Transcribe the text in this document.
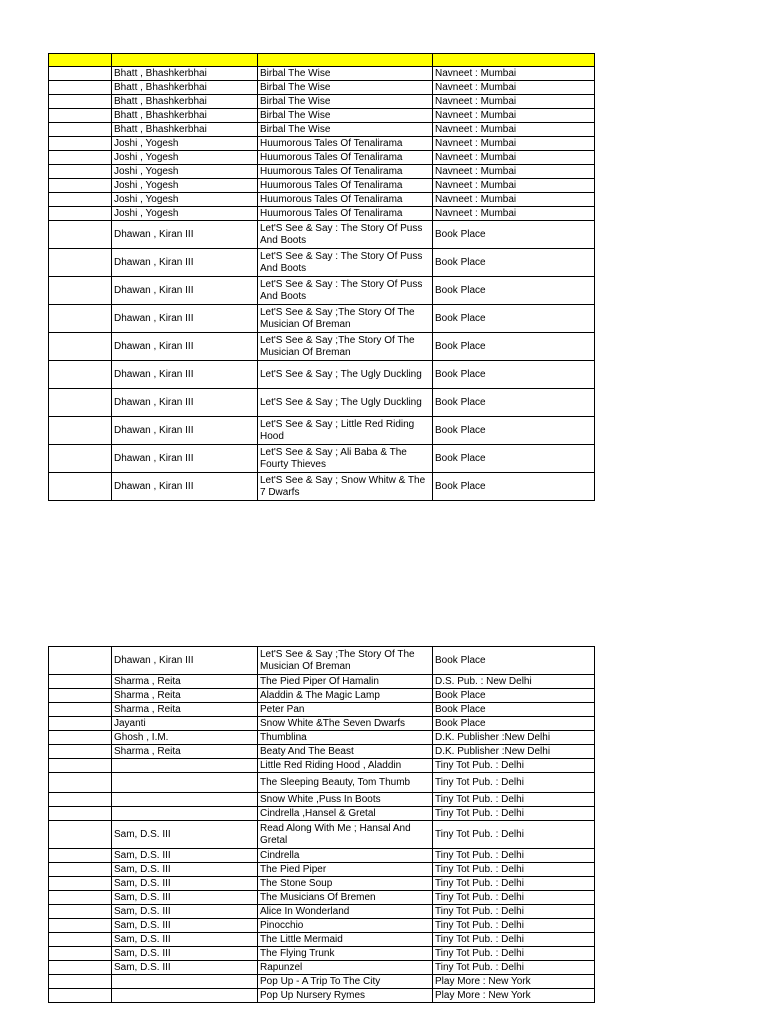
	Bhatt , Bhashkerbhai	Birbal The Wise	Navneet : Mumbai
	Bhatt , Bhashkerbhai	Birbal The Wise	Navneet : Mumbai
	Bhatt , Bhashkerbhai	Birbal The Wise	Navneet : Mumbai
	Bhatt , Bhashkerbhai	Birbal The Wise	Navneet : Mumbai
	Bhatt , Bhashkerbhai	Birbal The Wise	Navneet : Mumbai
	Joshi , Yogesh	Huumorous Tales Of Tenalirama	Navneet : Mumbai
	Joshi , Yogesh	Huumorous Tales Of Tenalirama	Navneet : Mumbai
	Joshi , Yogesh	Huumorous Tales Of Tenalirama	Navneet : Mumbai
	Joshi , Yogesh	Huumorous Tales Of Tenalirama	Navneet : Mumbai
	Joshi , Yogesh	Huumorous Tales Of Tenalirama	Navneet : Mumbai
	Joshi , Yogesh	Huumorous Tales Of Tenalirama	Navneet : Mumbai
	Dhawan , Kiran III	Let'S See & Say : The Story Of Puss And Boots	Book Place
	Dhawan , Kiran III	Let'S See & Say : The Story Of Puss And Boots	Book Place
	Dhawan , Kiran III	Let'S See & Say : The Story Of Puss And Boots	Book Place
	Dhawan , Kiran III	Let'S See & Say ;The Story Of The Musician Of Breman	Book Place
	Dhawan , Kiran III	Let'S See & Say ;The Story Of The Musician Of Breman	Book Place
	Dhawan , Kiran III	Let'S See & Say ; The Ugly Duckling	Book Place
	Dhawan , Kiran III	Let'S See & Say ; The Ugly Duckling	Book Place
	Dhawan , Kiran III	Let'S See & Say ; Little Red Riding Hood	Book Place
	Dhawan , Kiran III	Let'S See & Say ; Ali Baba & The Fourty Thieves	Book Place
	Dhawan , Kiran III	Let'S See & Say ; Snow Whitw & The 7 Dwarfs	Book Place
	Dhawan , Kiran III	Let'S See & Say ;The Story Of The Musician Of Breman	Book Place
	Sharma , Reita	The Pied Piper Of Hamalin	D.S. Pub. : New Delhi
	Sharma , Reita	Aladdin & The Magic Lamp	Book Place
	Sharma , Reita	Peter Pan	Book Place
	Jayanti	Snow White &The Seven Dwarfs	Book Place
	Ghosh , I.M.	Thumblina	D.K. Publisher :New Delhi
	Sharma , Reita	Beaty And The Beast	D.K. Publisher :New Delhi
		Little Red Riding Hood , Aladdin	Tiny Tot Pub. : Delhi
		The Sleeping Beauty, Tom Thumb	Tiny Tot Pub. : Delhi
		Snow White ,Puss In Boots	Tiny Tot Pub. : Delhi
		Cindrella ,Hansel & Gretal	Tiny Tot Pub. : Delhi
	Sam, D.S. III	Read Along With Me ; Hansal And Gretal	Tiny Tot Pub. : Delhi
	Sam, D.S. III	Cindrella	Tiny Tot Pub. : Delhi
	Sam, D.S. III	The Pied Piper	Tiny Tot Pub. : Delhi
	Sam, D.S. III	The Stone Soup	Tiny Tot Pub. : Delhi
	Sam, D.S. III	The Musicians Of Bremen	Tiny Tot Pub. : Delhi
	Sam, D.S. III	Alice In Wonderland	Tiny Tot Pub. : Delhi
	Sam, D.S. III	Pinocchio	Tiny Tot Pub. : Delhi
	Sam, D.S. III	The Little Mermaid	Tiny Tot Pub. : Delhi
	Sam, D.S. III	The Flying Trunk	Tiny Tot Pub. : Delhi
	Sam, D.S. III	Rapunzel	Tiny Tot Pub. : Delhi
		Pop Up - A Trip To The City	Play More : New York
		Pop Up Nursery Rymes	Play More : New York
